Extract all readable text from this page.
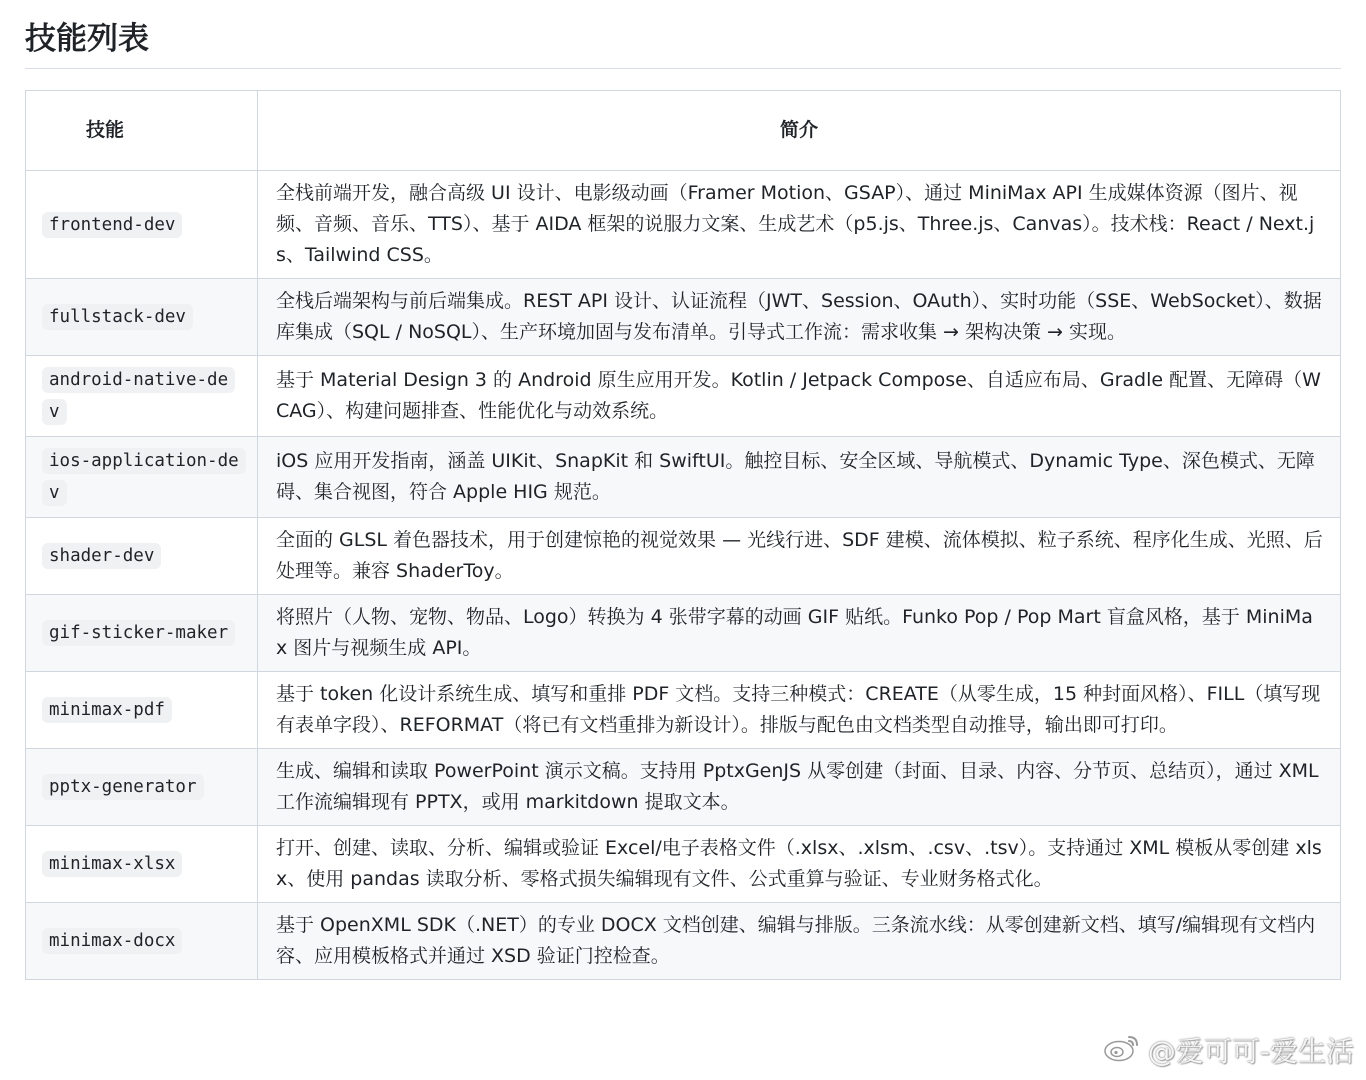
技能列表
技能	简介
frontend-dev	全栈前端开发，融合高级 UI 设计、电影级动画（Framer Motion、GSAP）、通过 MiniMax API 生成媒体资源（图片、视频、音频、音乐、TTS）、基于 AIDA 框架的说服力文案、生成艺术（p5.js、Three.js、Canvas）。技术栈：React / Next.js、Tailwind CSS。
fullstack-dev	全栈后端架构与前后端集成。REST API 设计、认证流程（JWT、Session、OAuth）、实时功能（SSE、WebSocket）、数据库集成（SQL / NoSQL）、生产环境加固与发布清单。引导式工作流：需求收集 → 架构决策 → 实现。
android-native-dev	基于 Material Design 3 的 Android 原生应用开发。Kotlin / Jetpack Compose、自适应布局、Gradle 配置、无障碍（WCAG）、构建问题排查、性能优化与动效系统。
ios-application-dev	iOS 应用开发指南，涵盖 UIKit、SnapKit 和 SwiftUI。触控目标、安全区域、导航模式、Dynamic Type、深色模式、无障碍、集合视图，符合 Apple HIG 规范。
shader-dev	全面的 GLSL 着色器技术，用于创建惊艳的视觉效果 — 光线行进、SDF 建模、流体模拟、粒子系统、程序化生成、光照、后处理等。兼容 ShaderToy。
gif-sticker-maker	将照片（人物、宠物、物品、Logo）转换为 4 张带字幕的动画 GIF 贴纸。Funko Pop / Pop Mart 盲盒风格，基于 MiniMax 图片与视频生成 API。
minimax-pdf	基于 token 化设计系统生成、填写和重排 PDF 文档。支持三种模式：CREATE（从零生成，15 种封面风格）、FILL（填写现有表单字段）、REFORMAT（将已有文档重排为新设计）。排版与配色由文档类型自动推导，输出即可打印。
pptx-generator	生成、编辑和读取 PowerPoint 演示文稿。支持用 PptxGenJS 从零创建（封面、目录、内容、分节页、总结页），通过 XML 工作流编辑现有 PPTX，或用 markitdown 提取文本。
minimax-xlsx	打开、创建、读取、分析、编辑或验证 Excel/电子表格文件（.xlsx、.xlsm、.csv、.tsv）。支持通过 XML 模板从零创建 xlsx、使用 pandas 读取分析、零格式损失编辑现有文件、公式重算与验证、专业财务格式化。
minimax-docx	基于 OpenXML SDK（.NET）的专业 DOCX 文档创建、编辑与排版。三条流水线：从零创建新文档、填写/编辑现有文档内容、应用模板格式并通过 XSD 验证门控检查。
@爱可可-爱生活
